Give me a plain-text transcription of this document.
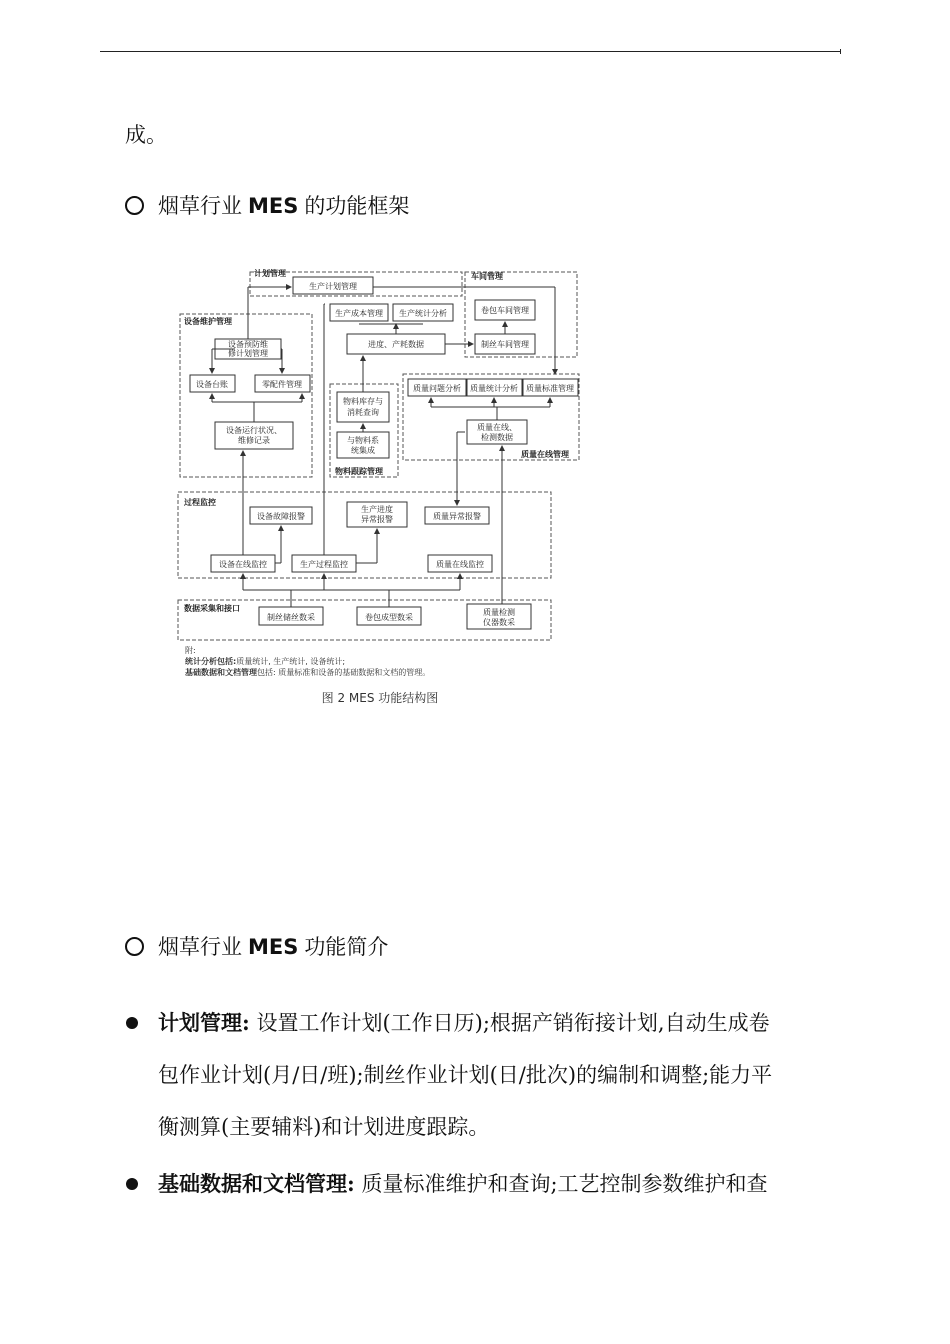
成。
烟草行业 MES 的功能框架
计划管理	车间管理
设备维护管理
物料跟踪管理
质量在线管理
过程监控
数据采集和接口
生产计划管理
生产成本管理 生产统计分析
进度、产耗数据
卷包车间管理
制丝车间管理
设备预防维
修计划管理
设备台账	零配件管理
设备运行状况、
维修记录
物料库存与
消耗查询
与物料系
统集成
质量问题分析 质量统计分析 质量标准管理
质量在线、
检测数据
设备故障报警
生产进度
异常报警	质量异常报警
设备在线监控	生产过程监控	质量在线监控
制丝储丝数采	卷包成型数采
质量检测
仪器数采
附:
统计分析包括:质量统计, 生产统计, 设备统计;
基础数据和文档管理包括: 质量标准和设备的基础数据和文档的管理。
图 2 MES 功能结构图
烟草行业 MES 功能简介
计划管理: 设置工作计划(工作日历);根据产销衔接计划,自动生成卷
包作业计划(月/日/班);制丝作业计划(日/批次)的编制和调整;能力平
衡测算(主要辅料)和计划进度跟踪。
基础数据和文档管理: 质量标准维护和查询;工艺控制参数维护和查
